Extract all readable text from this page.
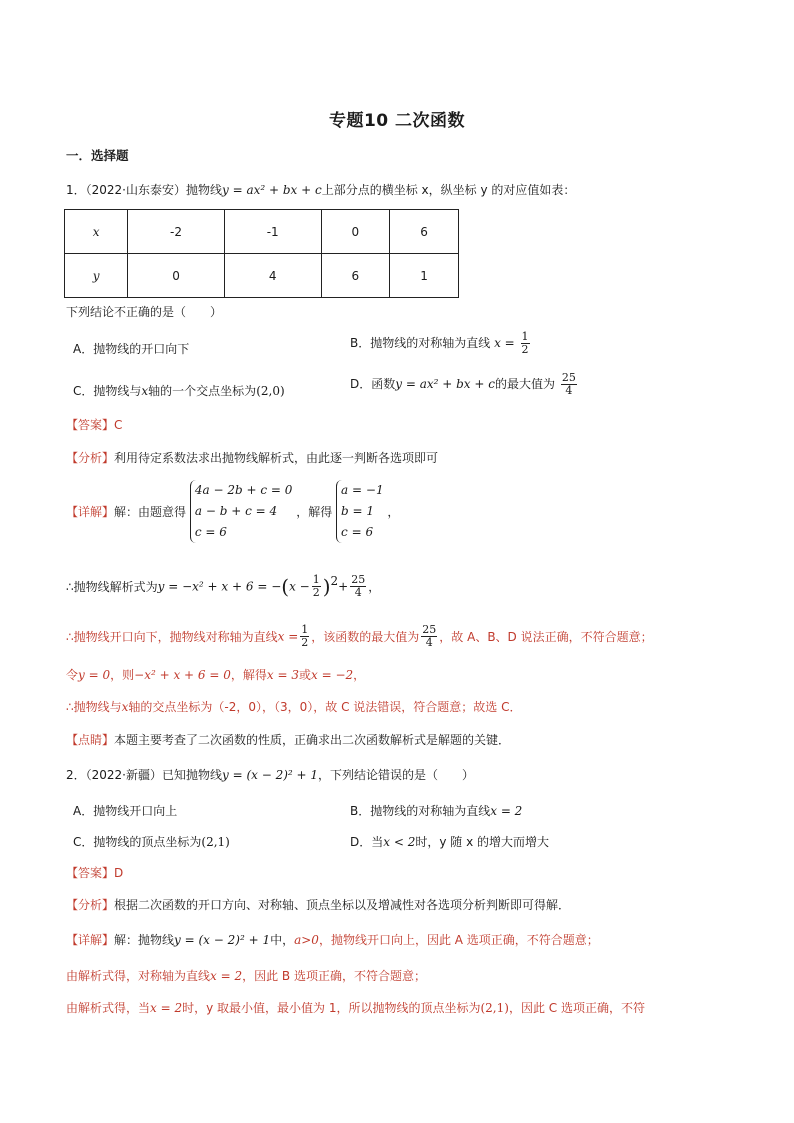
专题10 二次函数
一．选择题
1．（2022·山东泰安）抛物线y = ax² + bx + c上部分点的横坐标 x，纵坐标 y 的对应值如表：
x	-2	-1	0	6
y	0	4	6	1
下列结论不正确的是（　　）
A．抛物线的开口向下	B．抛物线的对称轴为直线 $x = \frac{1}{2}$
C．抛物线与x轴的一个交点坐标为(2,0)	D．函数y = ax² + bx + c的最大值为 $\frac{25}{4}$
【答案】C
【分析】利用待定系数法求出抛物线解析式，由此逐一判断各选项即可
【详解】解：由题意得
4a − 2b + c = 0
a − b + c = 4
c = 6
，解得
a = −1
b = 1
c = 6
，
∴抛物线解析式为$y = -x^2 + x + 6 = -(x - \frac{1}{2} )^2+ \frac{25}{4}$ ，
∴抛物线开口向下，抛物线对称轴为直线$x = \frac{1}{2}$ ，该函数的最大值为 $\frac{25}{4}$ ，故 A、B、D 说法正确，不符合题意；
令y = 0，则−x² + x + 6 = 0，解得x = 3或x = −2，
∴抛物线与x轴的交点坐标为（-2，0），（3，0），故 C 说法错误，符合题意；故选 C．
【点睛】本题主要考查了二次函数的性质，正确求出二次函数解析式是解题的关键．
2．（2022·新疆）已知抛物线y = (x − 2)² + 1，下列结论错误的是（　　）
A．抛物线开口向上	B．抛物线的对称轴为直线x = 2
C．抛物线的顶点坐标为(2,1)	D．当x < 2时，y 随 x 的增大而增大
【答案】D
【分析】根据二次函数的开口方向、对称轴、顶点坐标以及增减性对各选项分析判断即可得解．
【详解】解：抛物线y = (x − 2)² + 1中，a>0，抛物线开口向上，因此 A 选项正确，不符合题意；
由解析式得，对称轴为直线x = 2，因此 B 选项正确，不符合题意；
由解析式得，当x = 2时，y 取最小值，最小值为 1，所以抛物线的顶点坐标为(2,1)，因此 C 选项正确，不符
